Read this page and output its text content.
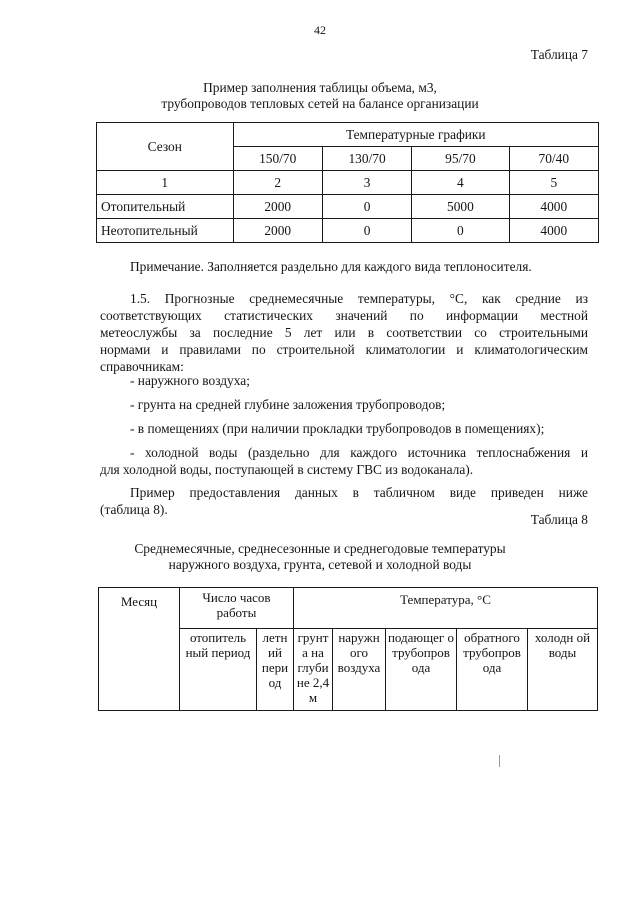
42
Таблица 7
Пример заполнения таблицы объема, м3,
трубопроводов тепловых сетей на балансе организации
Сезон	Температурные графики			
	150/70	130/70	95/70	70/40
1	2	3	4	5
Отопительный	2000	0	5000	4000
Неотопительный	2000	0	0	4000
Примечание. Заполняется раздельно для каждого вида теплоносителя.
1.5. Прогнозные среднемесячные температуры, °С, как средние из
соответствующих статистических значений по информации местной
метеослужбы за последние 5 лет или в соответствии со строительными
нормами и правилами по строительной климатологии и климатологическим
справочникам:
- наружного воздуха;
- грунта на средней глубине заложения трубопроводов;
- в помещениях (при наличии прокладки трубопроводов в помещениях);
- холодной воды (раздельно для каждого источника теплоснабжения и
для холодной воды, поступающей в систему ГВС из водоканала).
Пример предоставления данных в табличном виде приведен ниже
(таблица 8).
Таблица 8
Среднемесячные, среднесезонные и среднегодовые температуры
наружного воздуха, грунта, сетевой и холодной воды
Месяц	Число часов работы		Температура, °С				
	отопитель ный период	летн ий пери од	грунт а на глуби не 2,4 м	наружн ого воздуха	подающег о трубопров ода	обратного трубопров ода	холодн ой воды
